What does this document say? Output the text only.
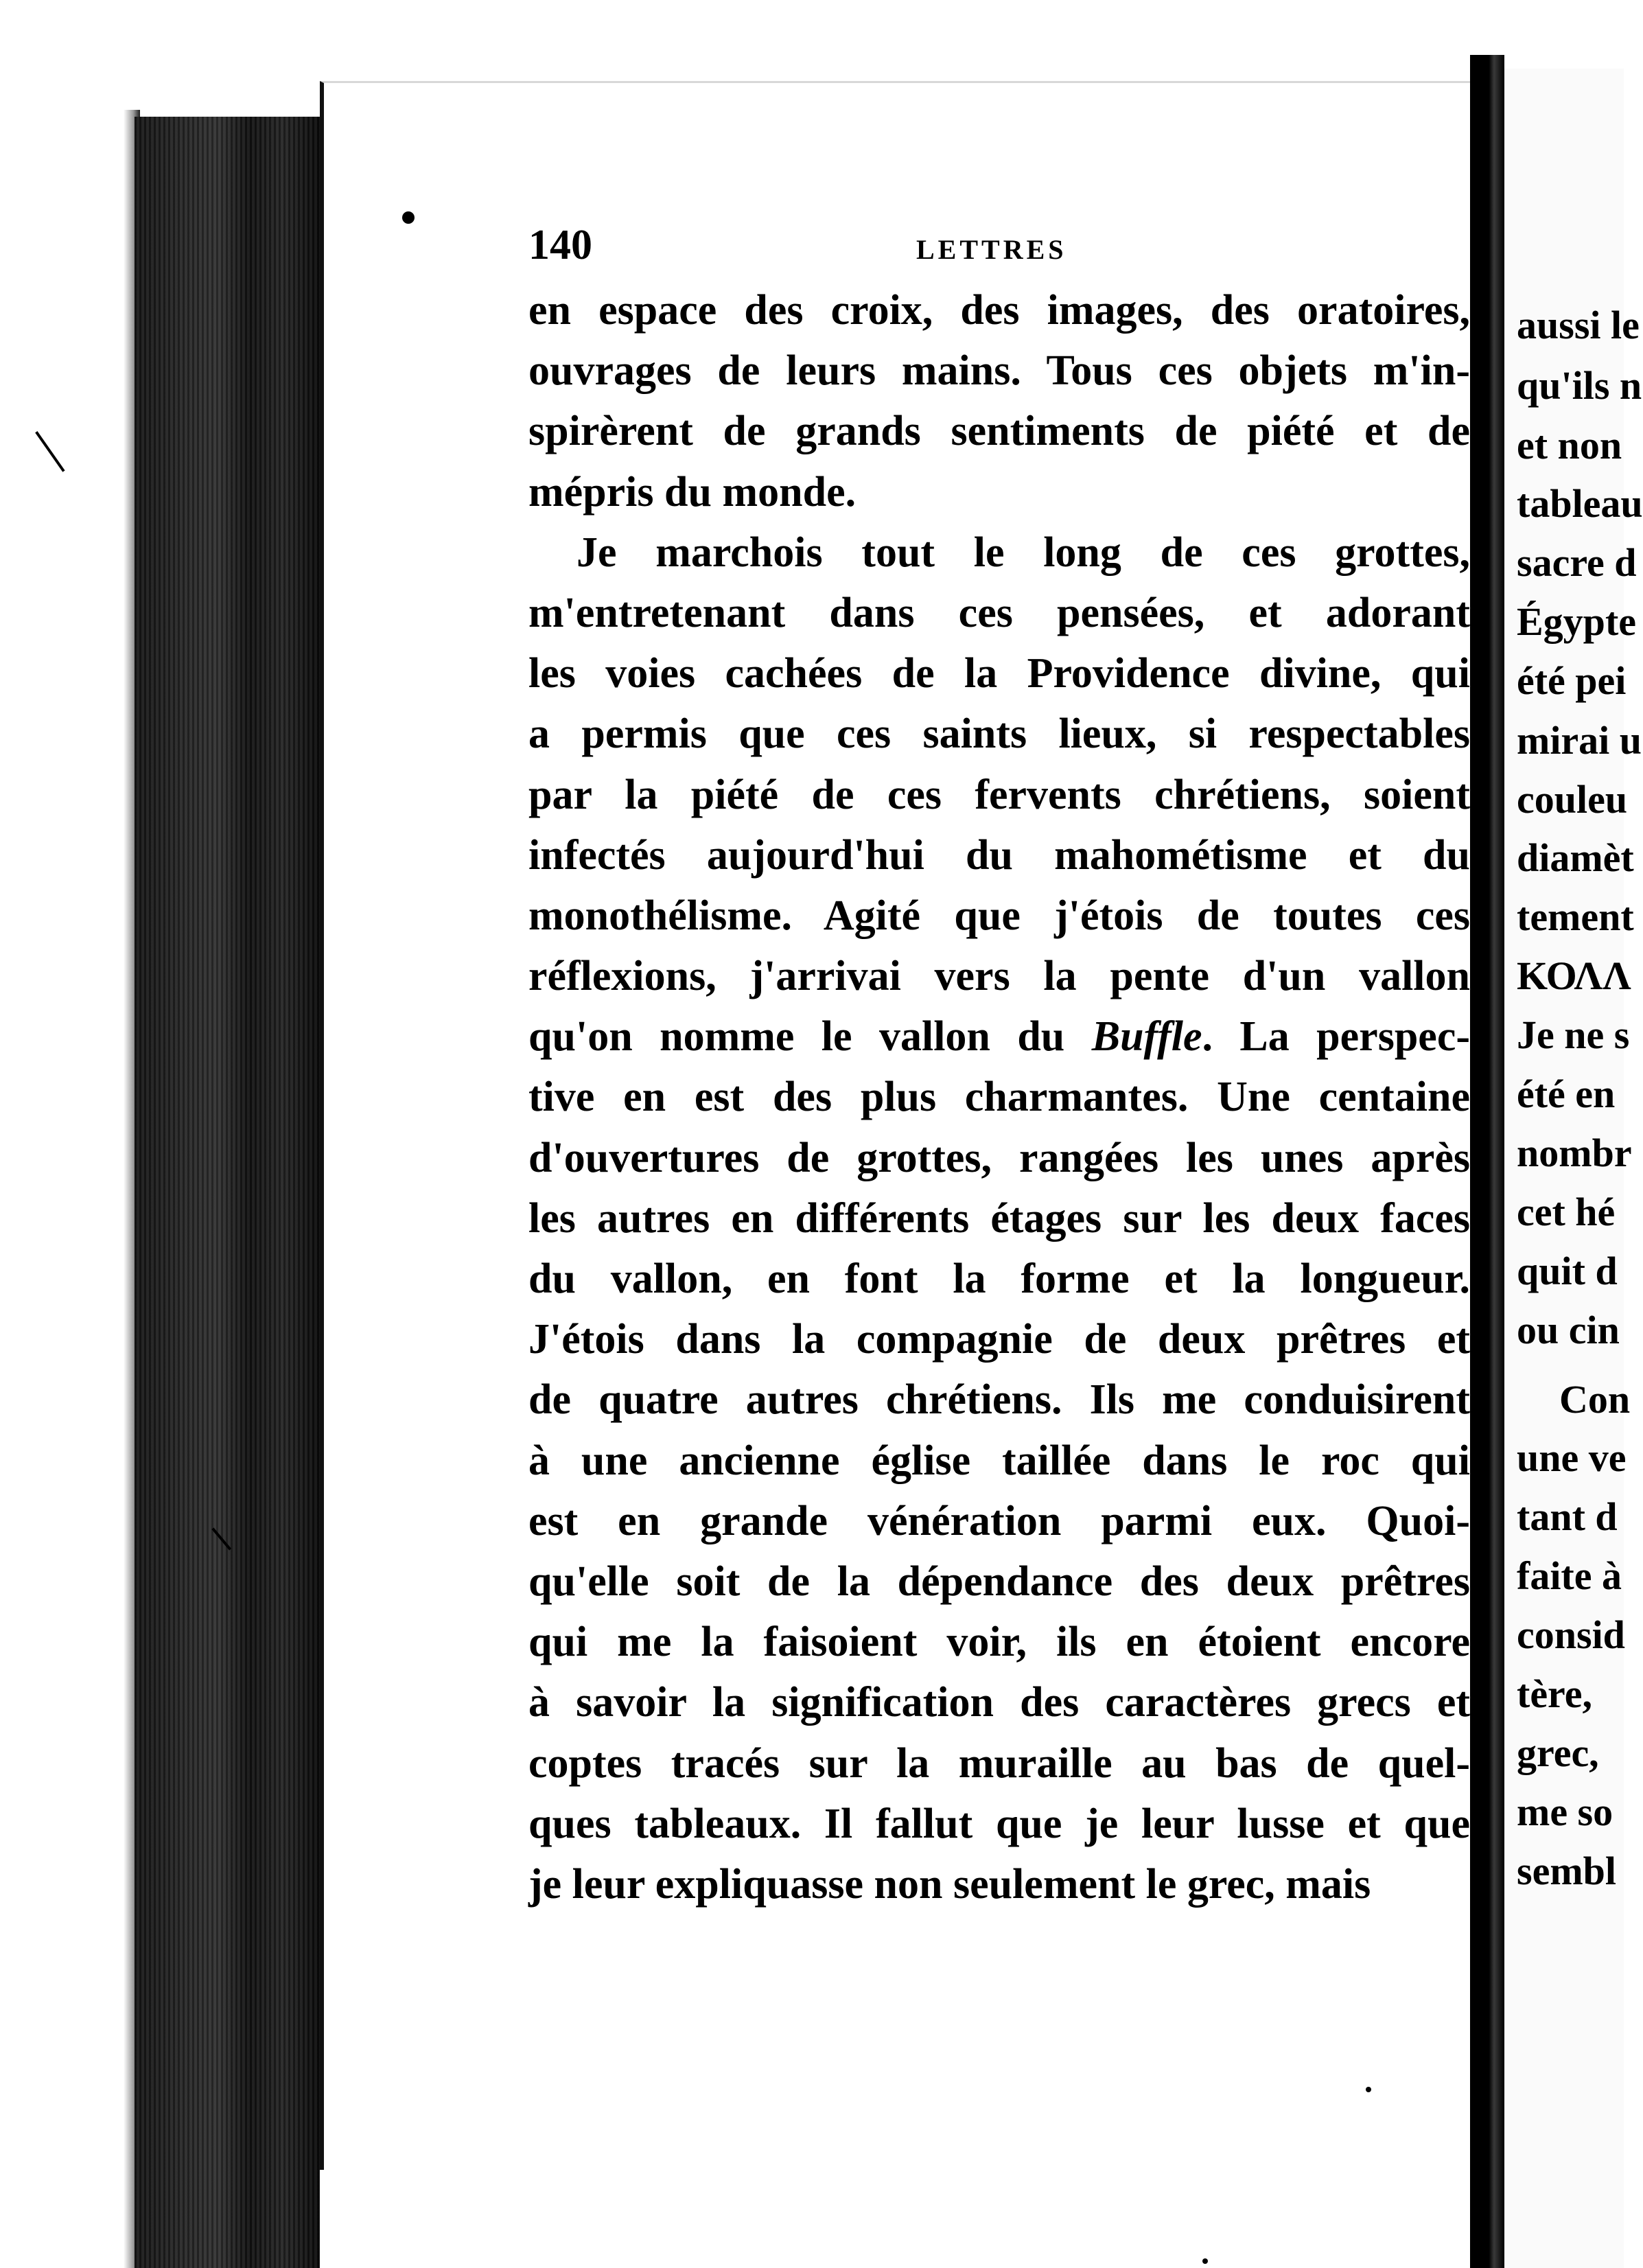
aussi le
qu'ils n
et non
tableau
sacre d
Égypte
été pei
mirai u
couleu
diamèt
tement
ΚΟΛΛ
Je ne s
été en
nombr
cet hé
quit d
ou cin
Con
une ve
tant d
faite à
consid
tère,
grec,
me so
sembl
140	LETTRES
en espace des croix, des images, des oratoires,
ouvrages de leurs mains. Tous ces objets m'in-
spirèrent de grands sentiments de piété et de
mépris du monde.
Je marchois tout le long de ces grottes,
m'entretenant dans ces pensées, et adorant
les voies cachées de la Providence divine, qui
a permis que ces saints lieux, si respectables
par la piété de ces fervents chrétiens, soient
infectés aujourd'hui du mahométisme et du
monothélisme. Agité que j'étois de toutes ces
réflexions, j'arrivai vers la pente d'un vallon
qu'on nomme le vallon du Buffle. La perspec-
tive en est des plus charmantes. Une centaine
d'ouvertures de grottes, rangées les unes après
les autres en différents étages sur les deux faces
du vallon, en font la forme et la longueur.
J'étois dans la compagnie de deux prêtres et
de quatre autres chrétiens. Ils me conduisirent
à une ancienne église taillée dans le roc qui
est en grande vénération parmi eux. Quoi-
qu'elle soit de la dépendance des deux prêtres
qui me la faisoient voir, ils en étoient encore
à savoir la signification des caractères grecs et
coptes tracés sur la muraille au bas de quel-
ques tableaux. Il fallut que je leur lusse et que
je leur expliquasse non seulement le grec, mais
